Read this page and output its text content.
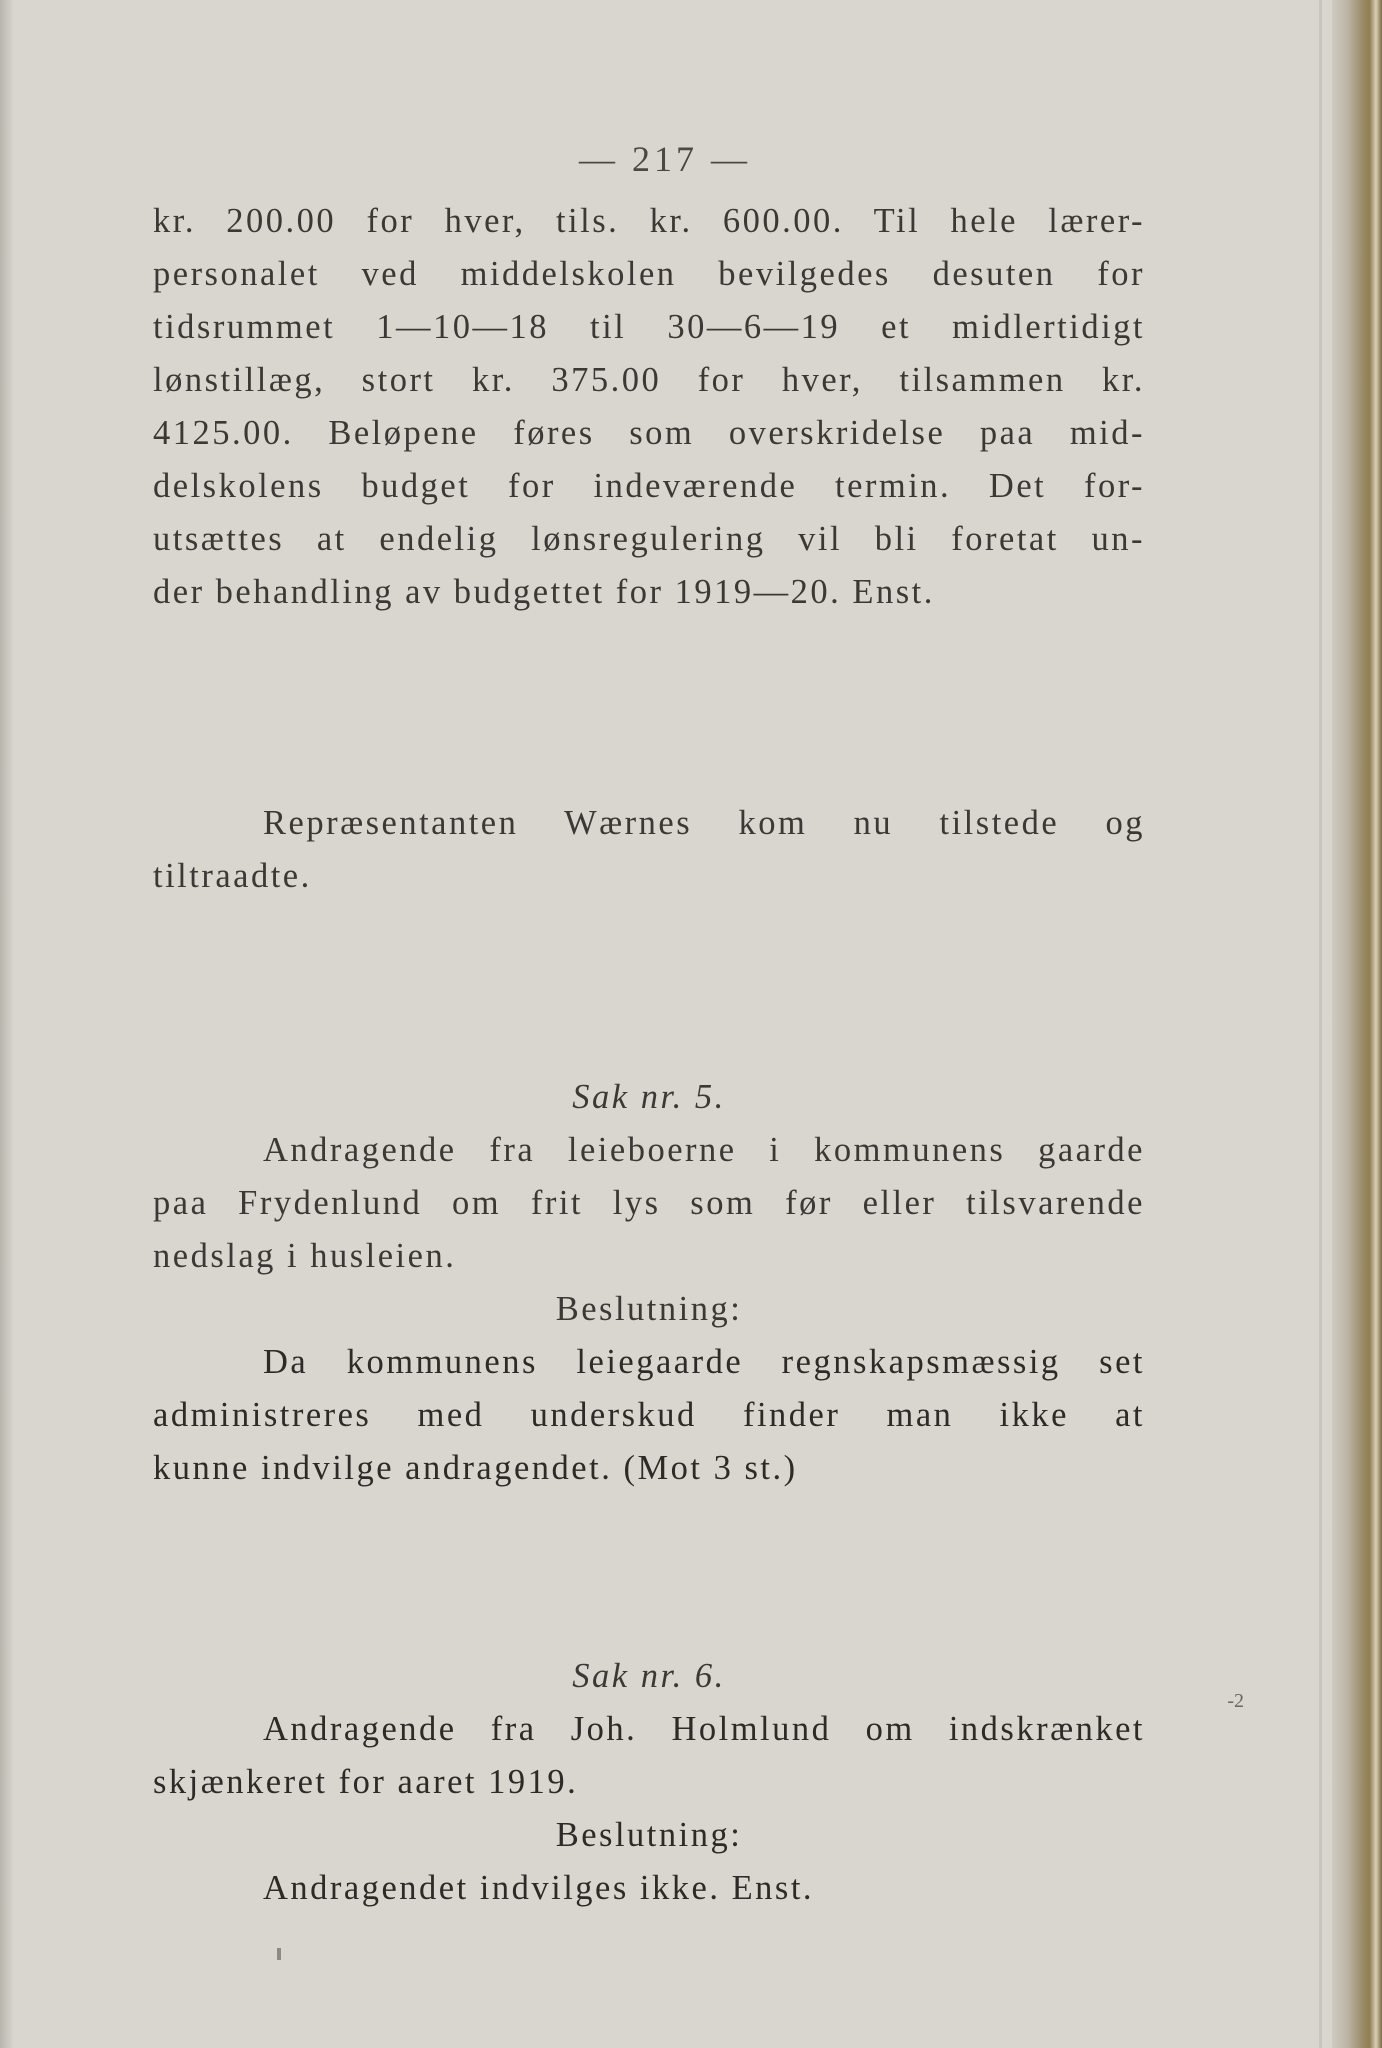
— 217 —
kr. 200.00 for hver, tils. kr. 600.00. Til hele lærer-
personalet ved middelskolen bevilgedes desuten for
tidsrummet 1—10—18 til 30—6—19 et midlertidigt
lønstillæg, stort kr. 375.00 for hver, tilsammen kr.
4125.00. Beløpene føres som overskridelse paa mid-
delskolens budget for indeværende termin. Det for-
utsættes at endelig lønsregulering vil bli foretat un-
der behandling av budgettet for 1919—20. Enst.
Repræsentanten Wærnes kom nu tilstede og
tiltraadte.
Sak nr. 5.
Andragende fra leieboerne i kommunens gaarde
paa Frydenlund om frit lys som før eller tilsvarende
nedslag i husleien.
Beslutning:
Da kommunens leiegaarde regnskapsmæssig set
administreres med underskud finder man ikke at
kunne indvilge andragendet. (Mot 3 st.)
Sak nr. 6.
Andragende fra Joh. Holmlund om indskrænket
skjænkeret for aaret 1919.
Beslutning:
Andragendet indvilges ikke. Enst.
-2
